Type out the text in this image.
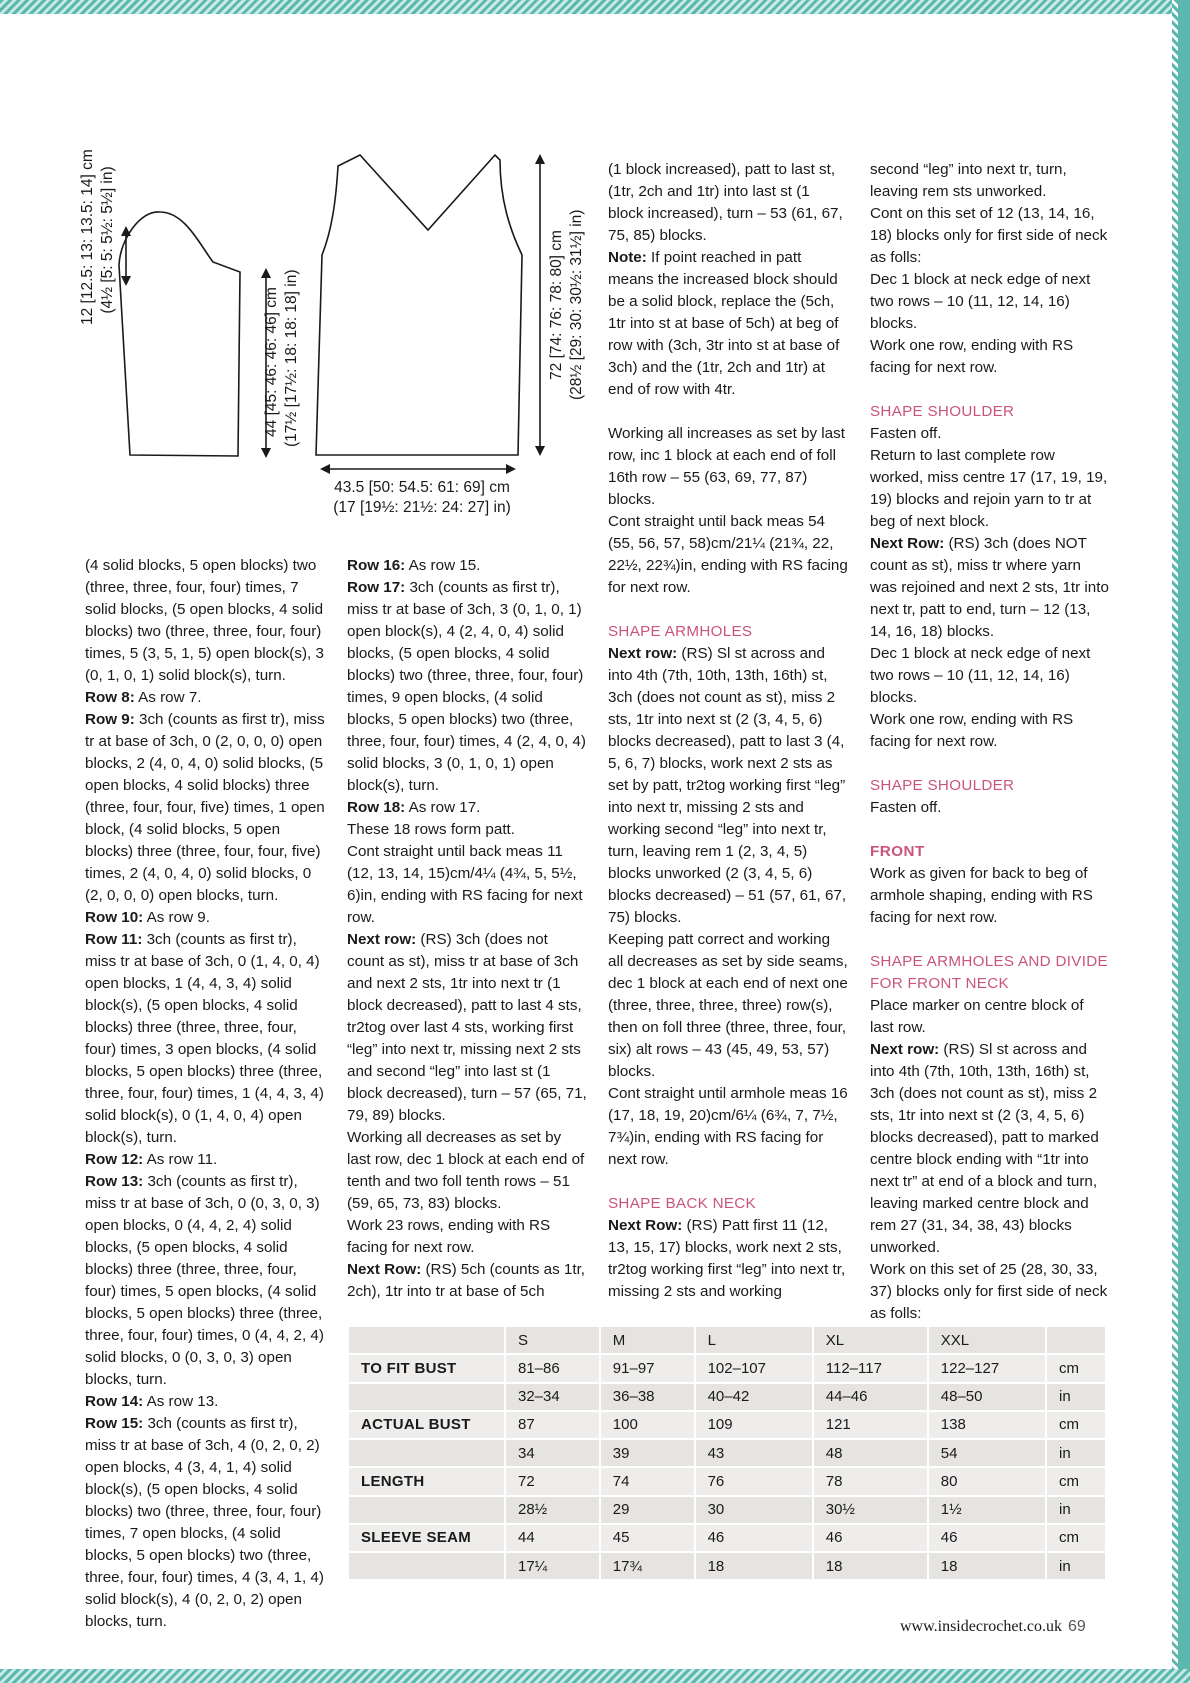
12 [12.5: 13: 13.5: 14] cm (4½ [5: 5: 5½: 5½] in)
44 [45: 46: 46: 46] cm (17½ [17½: 18: 18: 18] in)	72 [74: 76: 78: 80] cm (28½ [29: 30: 30½: 31½] in)
43.5 [50: 54.5: 61: 69] cm
(17 [19½: 21½: 24: 27] in)

(4 solid blocks, 5 open blocks) two (three, three, four, four) times, 7 solid blocks, (5 open blocks, 4 solid blocks) two (three, three, four, four) times, 5 (3, 5, 1, 5) open block(s), 3 (0, 1, 0, 1) solid block(s), turn.

Row 8: As row 7.

Row 9: 3ch (counts as first tr), miss tr at base of 3ch, 0 (2, 0, 0, 0) open blocks, 2 (4, 0, 4, 0) solid blocks, (5 open blocks, 4 solid blocks) three (three, four, four, five) times, 1 open block, (4 solid blocks, 5 open blocks) three (three, four, four, five) times, 2 (4, 0, 4, 0) solid blocks, 0 (2, 0, 0, 0) open blocks, turn.

Row 10: As row 9.

Row 11: 3ch (counts as first tr), miss tr at base of 3ch, 0 (1, 4, 0, 4) open blocks, 1 (4, 4, 3, 4) solid block(s), (5 open blocks, 4 solid blocks) three (three, three, four, four) times, 3 open blocks, (4 solid blocks, 5 open blocks) three (three, three, four, four) times, 1 (4, 4, 3, 4) solid block(s), 0 (1, 4, 0, 4) open block(s), turn.

Row 12: As row 11.

Row 13: 3ch (counts as first tr), miss tr at base of 3ch, 0 (0, 3, 0, 3) open blocks, 0 (4, 4, 2, 4) solid blocks, (5 open blocks, 4 solid blocks) three (three, three, four, four) times, 5 open blocks, (4 solid blocks, 5 open blocks) three (three, three, four, four) times, 0 (4, 4, 2, 4) solid blocks, 0 (0, 3, 0, 3) open blocks, turn.

Row 14: As row 13.

Row 15: 3ch (counts as first tr), miss tr at base of 3ch, 4 (0, 2, 0, 2) open blocks, 4 (3, 4, 1, 4) solid block(s), (5 open blocks, 4 solid blocks) two (three, three, four, four) times, 7 open blocks, (4 solid blocks, 5 open blocks) two (three, three, four, four) times, 4 (3, 4, 1, 4) solid block(s), 4 (0, 2, 0, 2) open blocks, turn.

Row 16: As row 15.

Row 17: 3ch (counts as first tr), miss tr at base of 3ch, 3 (0, 1, 0, 1) open block(s), 4 (2, 4, 0, 4) solid blocks, (5 open blocks, 4 solid blocks) two (three, three, four, four) times, 9 open blocks, (4 solid blocks, 5 open blocks) two (three, three, four, four) times, 4 (2, 4, 0, 4) solid blocks, 3 (0, 1, 0, 1) open block(s), turn.

Row 18: As row 17.

These 18 rows form patt.

Cont straight until back meas 11 (12, 13, 14, 15)cm/4¼ (4¾, 5, 5½, 6)in, ending with RS facing for next row.

Next row: (RS) 3ch (does not count as st), miss tr at base of 3ch and next 2 sts, 1tr into next tr (1 block decreased), patt to last 4 sts, tr2tog over last 4 sts, working first “leg” into next tr, missing next 2 sts and second “leg” into last st (1 block decreased), turn – 57 (65, 71, 79, 89) blocks.

Working all decreases as set by last row, dec 1 block at each end of tenth and two foll tenth rows – 51 (59, 65, 73, 83) blocks.

Work 23 rows, ending with RS facing for next row.

Next Row: (RS) 5ch (counts as 1tr, 2ch), 1tr into tr at base of 5ch

(1 block increased), patt to last st, (1tr, 2ch and 1tr) into last st (1 block increased), turn – 53 (61, 67, 75, 85) blocks.

Note: If point reached in patt means the increased block should be a solid block, replace the (5ch, 1tr into st at base of 5ch) at beg of row with (3ch, 3tr into st at base of 3ch) and the (1tr, 2ch and 1tr) at end of row with 4tr.

Working all increases as set by last row, inc 1 block at each end of foll 16th row – 55 (63, 69, 77, 87) blocks.

Cont straight until back meas 54 (55, 56, 57, 58)cm/21¼ (21¾, 22, 22½, 22¾)in, ending with RS facing for next row.

SHAPE ARMHOLES

Next row: (RS) Sl st across and into 4th (7th, 10th, 13th, 16th) st, 3ch (does not count as st), miss 2 sts, 1tr into next st (2 (3, 4, 5, 6) blocks decreased), patt to last 3 (4, 5, 6, 7) blocks, work next 2 sts as set by patt, tr2tog working first “leg” into next tr, missing 2 sts and working second “leg” into next tr, turn, leaving rem 1 (2, 3, 4, 5) blocks unworked (2 (3, 4, 5, 6) blocks decreased) – 51 (57, 61, 67, 75) blocks.

Keeping patt correct and working all decreases as set by side seams, dec 1 block at each end of next one (three, three, three, three) row(s), then on foll three (three, three, four, six) alt rows – 43 (45, 49, 53, 57) blocks.

Cont straight until armhole meas 16 (17, 18, 19, 20)cm/6¼ (6¾, 7, 7½, 7¾)in, ending with RS facing for next row.

SHAPE BACK NECK

Next Row: (RS) Patt first 11 (12, 13, 15, 17) blocks, work next 2 sts, tr2tog working first “leg” into next tr, missing 2 sts and working

second “leg” into next tr, turn, leaving rem sts unworked.

Cont on this set of 12 (13, 14, 16, 18) blocks only for first side of neck as folls:

Dec 1 block at neck edge of next two rows – 10 (11, 12, 14, 16) blocks.

Work one row, ending with RS facing for next row.

SHAPE SHOULDER

Fasten off.

Return to last complete row worked, miss centre 17 (17, 19, 19, 19) blocks and rejoin yarn to tr at beg of next block.

Next Row: (RS) 3ch (does NOT count as st), miss tr where yarn was rejoined and next 2 sts, 1tr into next tr, patt to end, turn – 12 (13, 14, 16, 18) blocks.

Dec 1 block at neck edge of next two rows – 10 (11, 12, 14, 16) blocks.

Work one row, ending with RS facing for next row.

SHAPE SHOULDER

Fasten off.

FRONT

Work as given for back to beg of armhole shaping, ending with RS facing for next row.

SHAPE ARMHOLES AND DIVIDE FOR FRONT NECK

Place marker on centre block of last row.

Next row: (RS) Sl st across and into 4th (7th, 10th, 13th, 16th) st, 3ch (does not count as st), miss 2 sts, 1tr into next st (2 (3, 4, 5, 6) blocks decreased), patt to marked centre block ending with “1tr into next tr” at end of a block and turn, leaving marked centre block and rem 27 (31, 34, 38, 43) blocks unworked.

Work on this set of 25 (28, 30, 33, 37) blocks only for first side of neck as folls:

	S	M	L	XL	XXL	
TO FIT BUST	81–86	91–97	102–107	112–117	122–127	cm
	32–34	36–38	40–42	44–46	48–50	in
ACTUAL BUST	87	100	109	121	138	cm
	34	39	43	48	54	in
LENGTH	72	74	76	78	80	cm
	28½	29	30	30½	1½	in
SLEEVE SEAM	44	45	46	46	46	cm
	17¼	17¾	18	18	18	in
www.insidecrochet.co.uk 69
